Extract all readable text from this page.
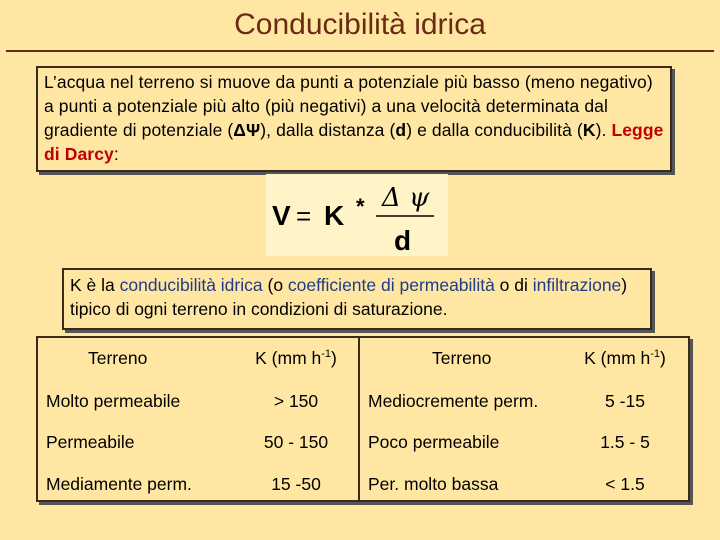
Conducibilità idrica
L’acqua nel terreno si muove da punti a potenziale più basso (meno negativo) a punti a potenziale più alto (più negativi) a una velocità determinata dal gradiente di potenziale (ΔΨ), dalla distanza (d) e dalla conducibilità (K). Legge di Darcy:
V = K * Δ ψ
d
K è la conducibilità idrica (o coefficiente di permeabilità o di infiltrazione) tipico di ogni terreno in condizioni di saturazione.
Terreno	K (mm $h^{-1}$)	Terreno	K (mm $h^{-1}$)
Molto permeabile	> 150	Mediocremente perm.	5 -15
Permeabile	50 - 150	Poco permeabile	1.5 - 5
Mediamente perm.	15 -50	Per. molto bassa	< 1.5
